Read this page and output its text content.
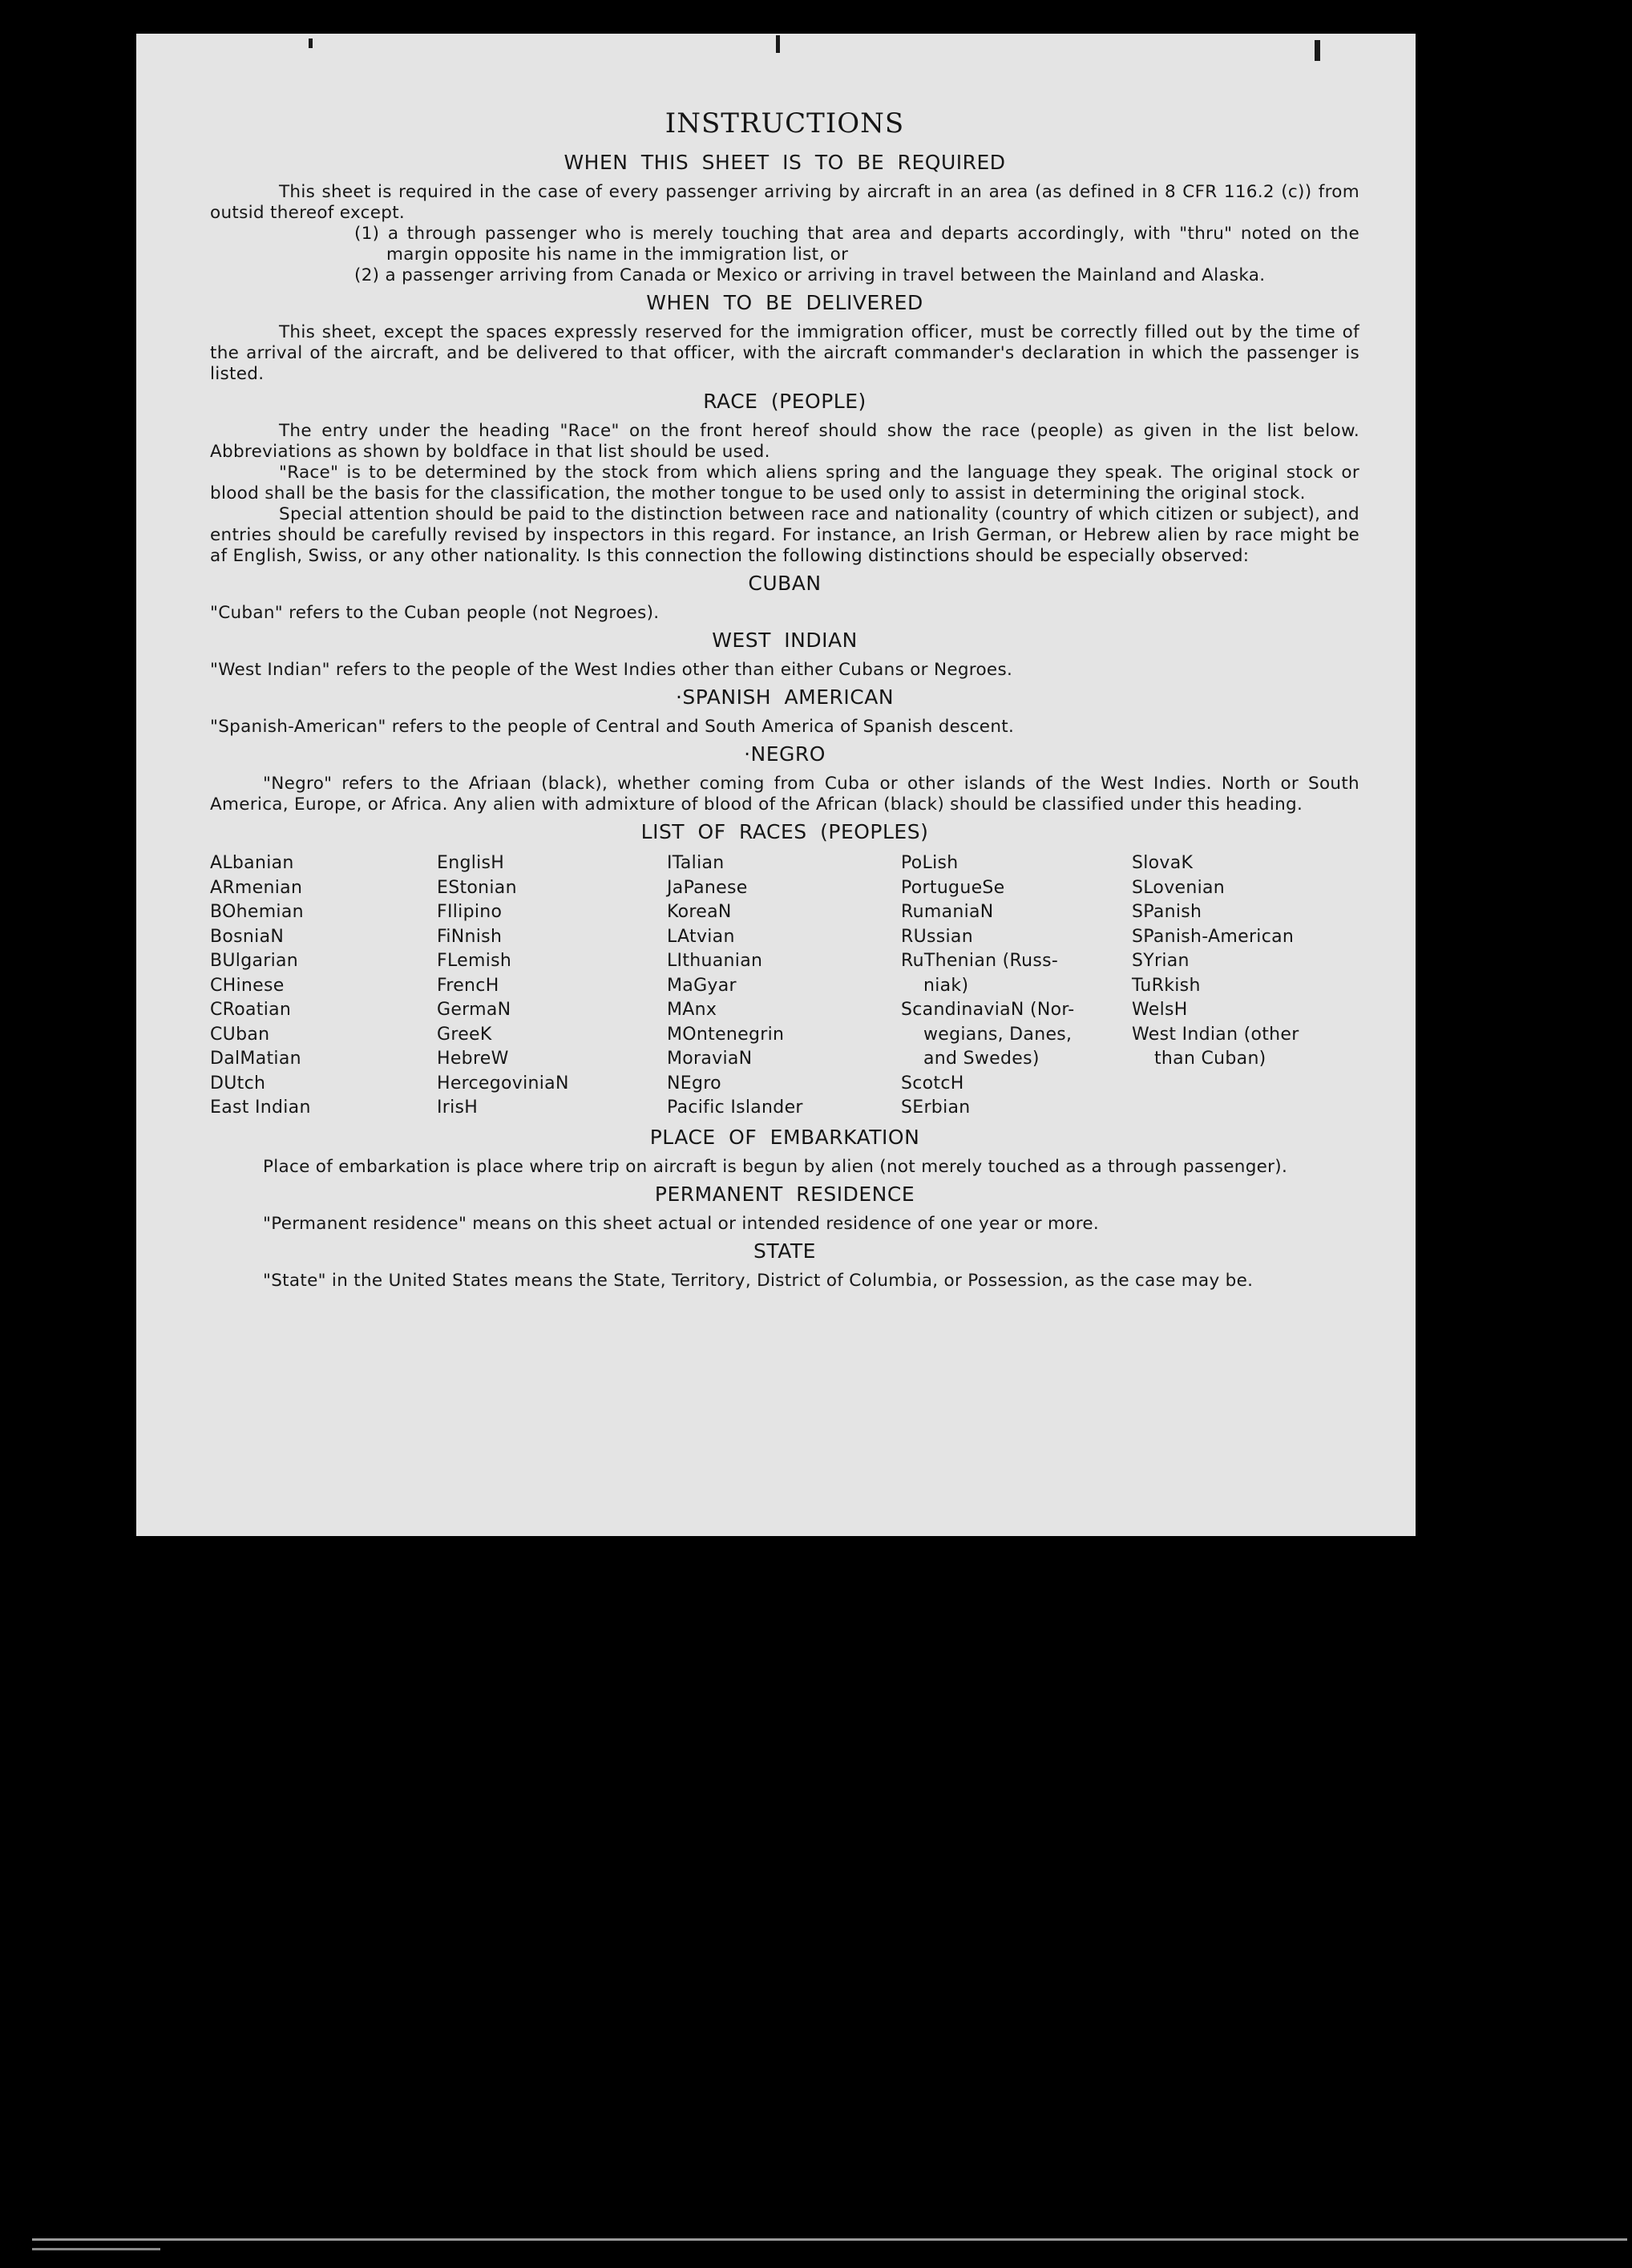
INSTRUCTIONS
WHEN THIS SHEET IS TO BE REQUIRED

This sheet is required in the case of every passenger arriving by aircraft in an area (as defined in 8 CFR 116.2 (c)) from outsid thereof except.

(1) a through passenger who is merely touching that area and departs accordingly, with "thru" noted on the margin opposite his name in the immigration list, or

(2) a passenger arriving from Canada or Mexico or arriving in travel between the Mainland and Alaska.

WHEN TO BE DELIVERED

This sheet, except the spaces expressly reserved for the immigration officer, must be correctly filled out by the time of the arrival of the aircraft, and be delivered to that officer, with the aircraft commander's declaration in which the passenger is listed.

RACE (PEOPLE)

The entry under the heading "Race" on the front hereof should show the race (people) as given in the list below. Abbreviations as shown by boldface in that list should be used.

"Race" is to be determined by the stock from which aliens spring and the language they speak. The original stock or blood shall be the basis for the classification, the mother tongue to be used only to assist in determining the original stock.

Special attention should be paid to the distinction between race and nationality (country of which citizen or subject), and entries should be carefully revised by inspectors in this regard. For instance, an Irish German, or Hebrew alien by race might be af English, Swiss, or any other nationality. Is this connection the following distinctions should be especially observed:

CUBAN

"Cuban" refers to the Cuban people (not Negroes).

WEST INDIAN

"West Indian" refers to the people of the West Indies other than either Cubans or Negroes.

·SPANISH AMERICAN

"Spanish-American" refers to the people of Central and South America of Spanish descent.

·NEGRO

"Negro" refers to the Afriaan (black), whether coming from Cuba or other islands of the West Indies. North or South America, Europe, or Africa. Any alien with admixture of blood of the African (black) should be classified under this heading.

LIST OF RACES (PEOPLES)
ALbanian
ARmenian
BOhemian
BosniaN
BUlgarian
CHinese
CRoatian
CUban
DalMatian
DUtch
East Indian
EnglisH
EStonian
FIlipino
FiNnish
FLemish
FrencH
GermaN
GreeK
HebreW
HercegoviniaN
IrisH
ITalian
JaPanese
KoreaN
LAtvian
LIthuanian
MaGyar
MAnx
MOntenegrin
MoraviaN
NEgro
Pacific Islander
PoLish
PortugueSe
RumaniaN
RUssian
RuThenian (Russ-
niak)
ScandinaviaN (Nor-
wegians, Danes,
and Swedes)
ScotcH
SErbian
SlovaK
SLovenian
SPanish
SPanish-American
SYrian
TuRkish
WelsH
West Indian (other
than Cuban)
PLACE OF EMBARKATION

Place of embarkation is place where trip on aircraft is begun by alien (not merely touched as a through passenger).

PERMANENT RESIDENCE

"Permanent residence" means on this sheet actual or intended residence of one year or more.

STATE

"State" in the United States means the State, Territory, District of Columbia, or Possession, as the case may be.
